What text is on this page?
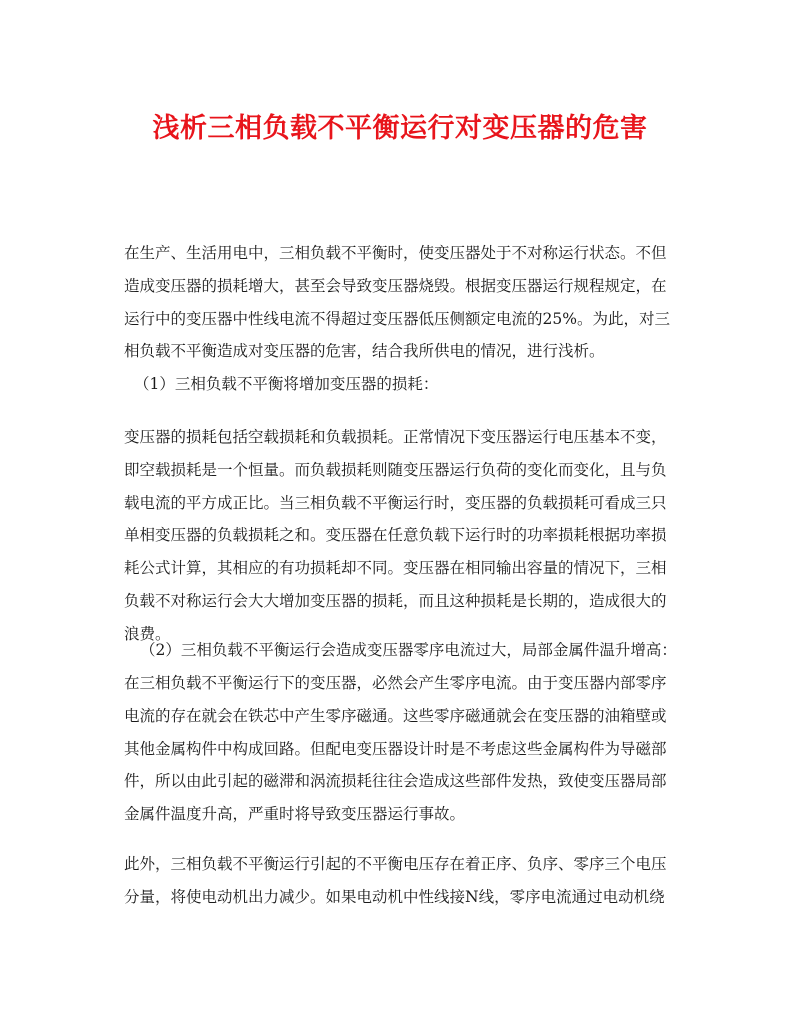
浅析三相负载不平衡运行对变压器的危害

在生产、生活用电中，三相负载不平衡时，使变压器处于不对称运行状态。不但
造成变压器的损耗增大，甚至会导致变压器烧毁。根据变压器运行规程规定，在
运行中的变压器中性线电流不得超过变压器低压侧额定电流的25%。为此，对三
相负载不平衡造成对变压器的危害，结合我所供电的情况，进行浅析。

（1）三相负载不平衡将增加变压器的损耗：

变压器的损耗包括空载损耗和负载损耗。正常情况下变压器运行电压基本不变，
即空载损耗是一个恒量。而负载损耗则随变压器运行负荷的变化而变化，且与负
载电流的平方成正比。当三相负载不平衡运行时，变压器的负载损耗可看成三只
单相变压器的负载损耗之和。变压器在任意负载下运行时的功率损耗根据功率损
耗公式计算，其相应的有功损耗却不同。变压器在相同输出容量的情况下，三相
负载不对称运行会大大增加变压器的损耗，而且这种损耗是长期的，造成很大的
浪费。

（2）三相负载不平衡运行会造成变压器零序电流过大，局部金属件温升增高：

在三相负载不平衡运行下的变压器，必然会产生零序电流。由于变压器内部零序
电流的存在就会在铁芯中产生零序磁通。这些零序磁通就会在变压器的油箱壁或
其他金属构件中构成回路。但配电变压器设计时是不考虑这些金属构件为导磁部
件，所以由此引起的磁滞和涡流损耗往往会造成这些部件发热，致使变压器局部
金属件温度升高，严重时将导致变压器运行事故。

此外，三相负载不平衡运行引起的不平衡电压存在着正序、负序、零序三个电压
分量，将使电动机出力减少。如果电动机中性线接N线，零序电流通过电动机绕
